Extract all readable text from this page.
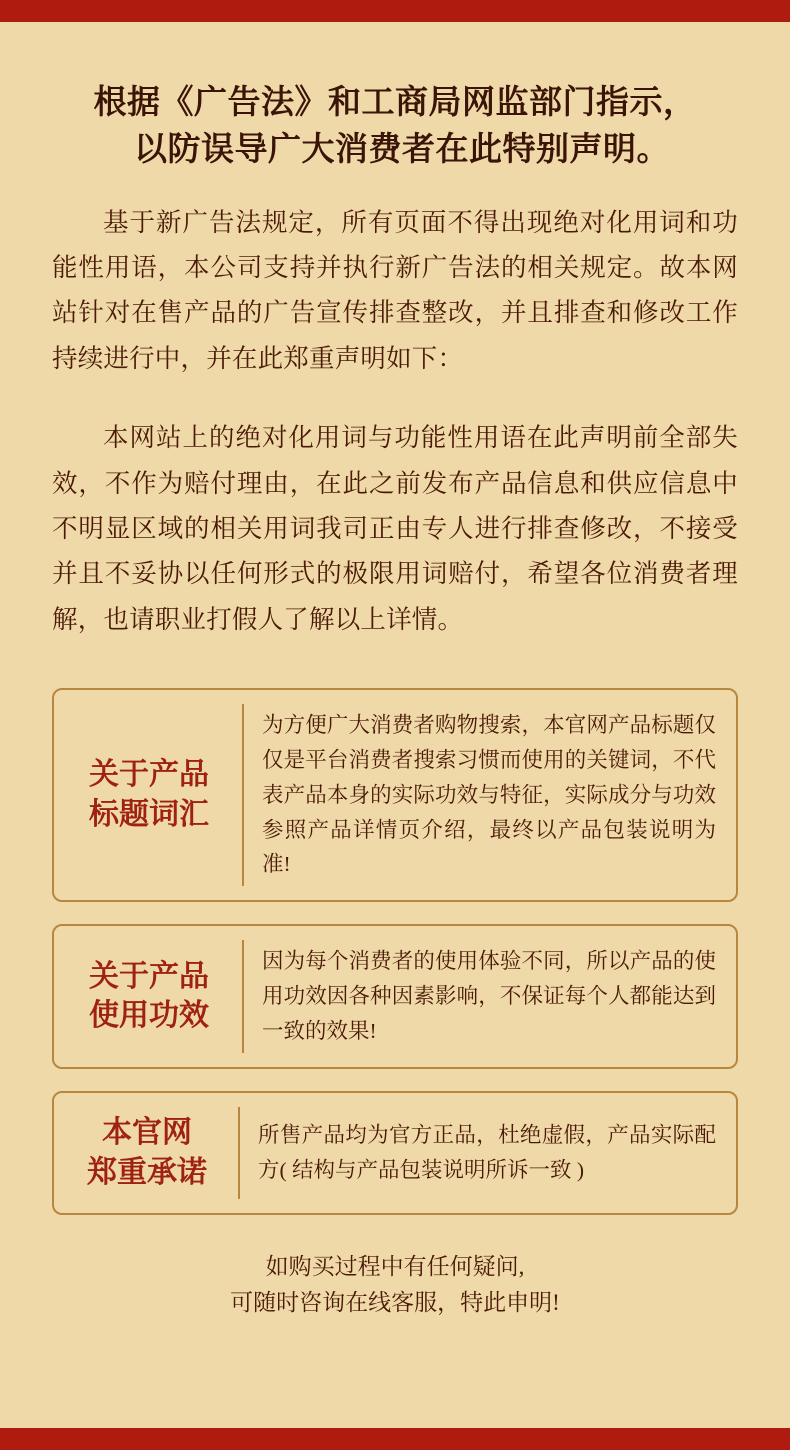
根据《广告法》和工商局网监部门指示，
以防误导广大消费者在此特别声明。

基于新广告法规定，所有页面不得出现绝对化用词和功能性用语，本公司支持并执行新广告法的相关规定。故本网站针对在售产品的广告宣传排查整改，并且排查和修改工作持续进行中，并在此郑重声明如下：

本网站上的绝对化用词与功能性用语在此声明前全部失效，不作为赔付理由，在此之前发布产品信息和供应信息中不明显区域的相关用词我司正由专人进行排查修改，不接受并且不妥协以任何形式的极限用词赔付，希望各位消费者理解，也请职业打假人了解以上详情。

关于产品
标题词汇
为方便广大消费者购物搜索，本官网产品标题仅仅是平台消费者搜索习惯而使用的关键词，不代表产品本身的实际功效与特征，实际成分与功效参照产品详情页介绍，最终以产品包装说明为准!
关于产品
使用功效
因为每个消费者的使用体验不同，所以产品的使用功效因各种因素影响，不保证每个人都能达到一致的效果!
本官网
郑重承诺
所售产品均为官方正品，杜绝虚假，产品实际配方( 结构与产品包装说明所诉一致 )
如购买过程中有任何疑问,
可随时咨询在线客服，特此申明!
